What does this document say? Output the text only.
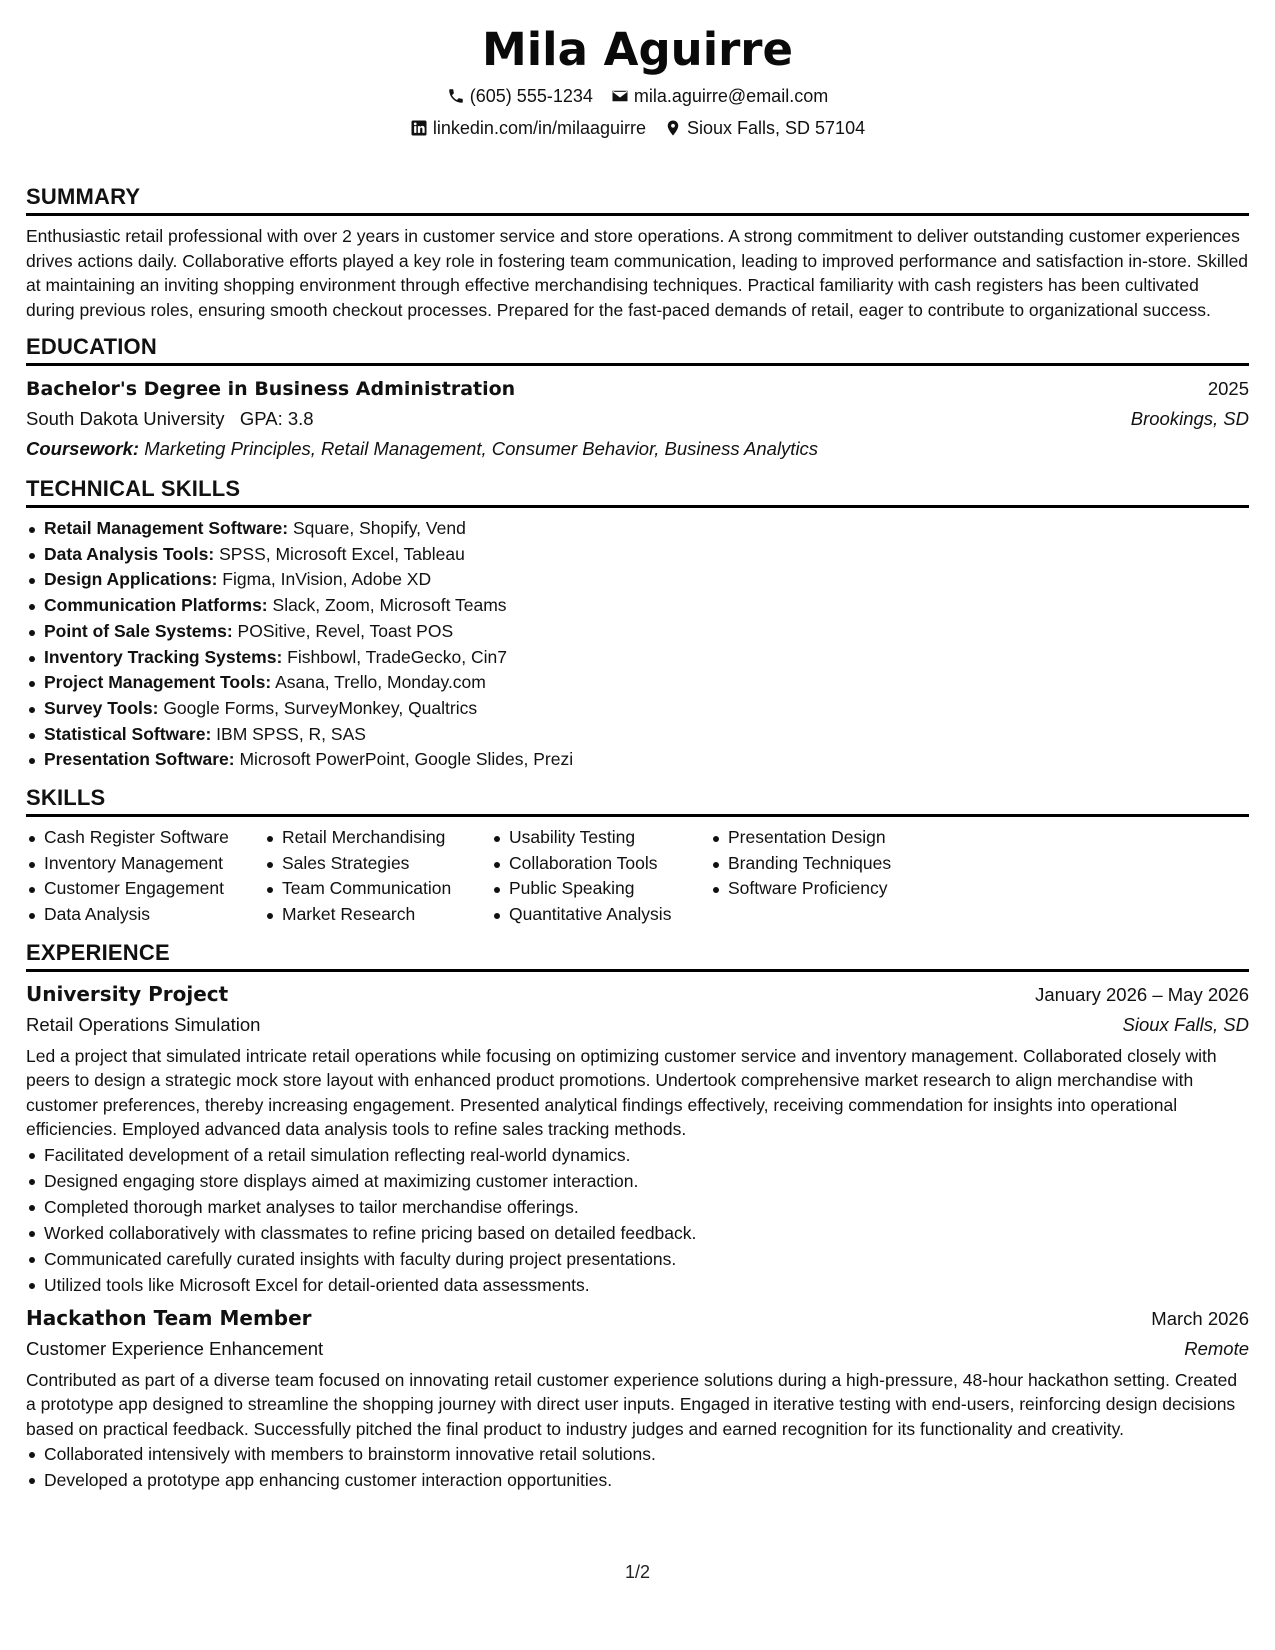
Mila Aguirre
(605) 555-1234 mila.aguirre@email.com
linkedin.com/in/milaaguirre Sioux Falls, SD 57104
SUMMARY
Enthusiastic retail professional with over 2 years in customer service and store operations. A strong commitment to deliver outstanding customer experiences drives actions daily. Collaborative efforts played a key role in fostering team communication, leading to improved performance and satisfaction in-store. Skilled at maintaining an inviting shopping environment through effective merchandising techniques. Practical familiarity with cash registers has been cultivated during previous roles, ensuring smooth checkout processes. Prepared for the fast-paced demands of retail, eager to contribute to organizational success.
EDUCATION
Bachelor's Degree in Business Administration	2025
South Dakota University GPA: 3.8	Brookings, SD
Coursework: Marketing Principles, Retail Management, Consumer Behavior, Business Analytics
TECHNICAL SKILLS
Retail Management Software: Square, Shopify, Vend
Data Analysis Tools: SPSS, Microsoft Excel, Tableau
Design Applications: Figma, InVision, Adobe XD
Communication Platforms: Slack, Zoom, Microsoft Teams
Point of Sale Systems: POSitive, Revel, Toast POS
Inventory Tracking Systems: Fishbowl, TradeGecko, Cin7
Project Management Tools: Asana, Trello, Monday.com
Survey Tools: Google Forms, SurveyMonkey, Qualtrics
Statistical Software: IBM SPSS, R, SAS
Presentation Software: Microsoft PowerPoint, Google Slides, Prezi
SKILLS
Cash Register Software
Inventory Management
Customer Engagement
Data Analysis
Retail Merchandising
Sales Strategies
Team Communication
Market Research
Usability Testing
Collaboration Tools
Public Speaking
Quantitative Analysis
Presentation Design
Branding Techniques
Software Proficiency
EXPERIENCE
University Project	January 2026 – May 2026
Retail Operations Simulation	Sioux Falls, SD
Led a project that simulated intricate retail operations while focusing on optimizing customer service and inventory management. Collaborated closely with peers to design a strategic mock store layout with enhanced product promotions. Undertook comprehensive market research to align merchandise with customer preferences, thereby increasing engagement. Presented analytical findings effectively, receiving commendation for insights into operational efficiencies. Employed advanced data analysis tools to refine sales tracking methods.
Facilitated development of a retail simulation reflecting real-world dynamics.
Designed engaging store displays aimed at maximizing customer interaction.
Completed thorough market analyses to tailor merchandise offerings.
Worked collaboratively with classmates to refine pricing based on detailed feedback.
Communicated carefully curated insights with faculty during project presentations.
Utilized tools like Microsoft Excel for detail-oriented data assessments.
Hackathon Team Member	March 2026
Customer Experience Enhancement	Remote
Contributed as part of a diverse team focused on innovating retail customer experience solutions during a high-pressure, 48-hour hackathon setting. Created a prototype app designed to streamline the shopping journey with direct user inputs. Engaged in iterative testing with end-users, reinforcing design decisions based on practical feedback. Successfully pitched the final product to industry judges and earned recognition for its functionality and creativity.
Collaborated intensively with members to brainstorm innovative retail solutions.
Developed a prototype app enhancing customer interaction opportunities.
1/2
